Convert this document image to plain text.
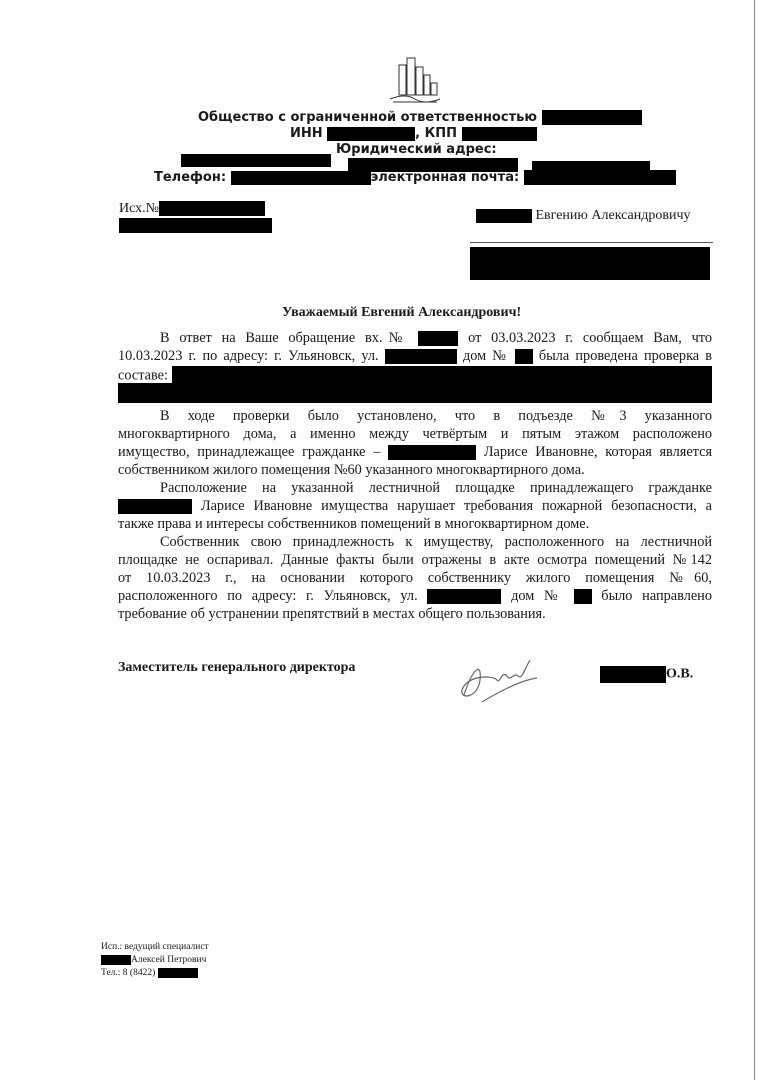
Общество с ограниченной ответственностью
ИНН	, КПП
Юридический адрес:
Телефон:	электронная почта:
Исх.№	Евгению Александровичу
Уважаемый Евгений Александрович!
В ответ на Ваше обращение вх.№	от 03.03.2023 г. сообщаем Вам, что
10.03.2023 г. по адресу: г. Ульяновск, ул.	дом № была проведена проверка в
составе:
В ходе проверки было установлено, что в подъезде №3 указанного
многоквартирного дома, а именно между четвёртым и пятым этажом расположено
имущество, принадлежащее гражданке –	Ларисе Ивановне, которая является
собственником жилого помещения №60 указанного многоквартирного дома.
Расположение на указанной лестничной площадке принадлежащего гражданке
Ларисе Ивановне имущества нарушает требования пожарной безопасности, а
также права и интересы собственников помещений в многоквартирном доме.
Собственник свою принадлежность к имуществу, расположенного на лестничной
площадке не оспаривал. Данные факты были отражены в акте осмотра помещений №142
от 10.03.2023 г., на основании которого собственнику жилого помещения №60,
расположенного по адресу: г. Ульяновск, ул.	дом №	было направлено
требование об устранении препятствий в местах общего пользования.
Заместитель генерального директора	О.В.
Исп.: ведущий специалист
Алексей Петрович
Тел.: 8 (8422)
